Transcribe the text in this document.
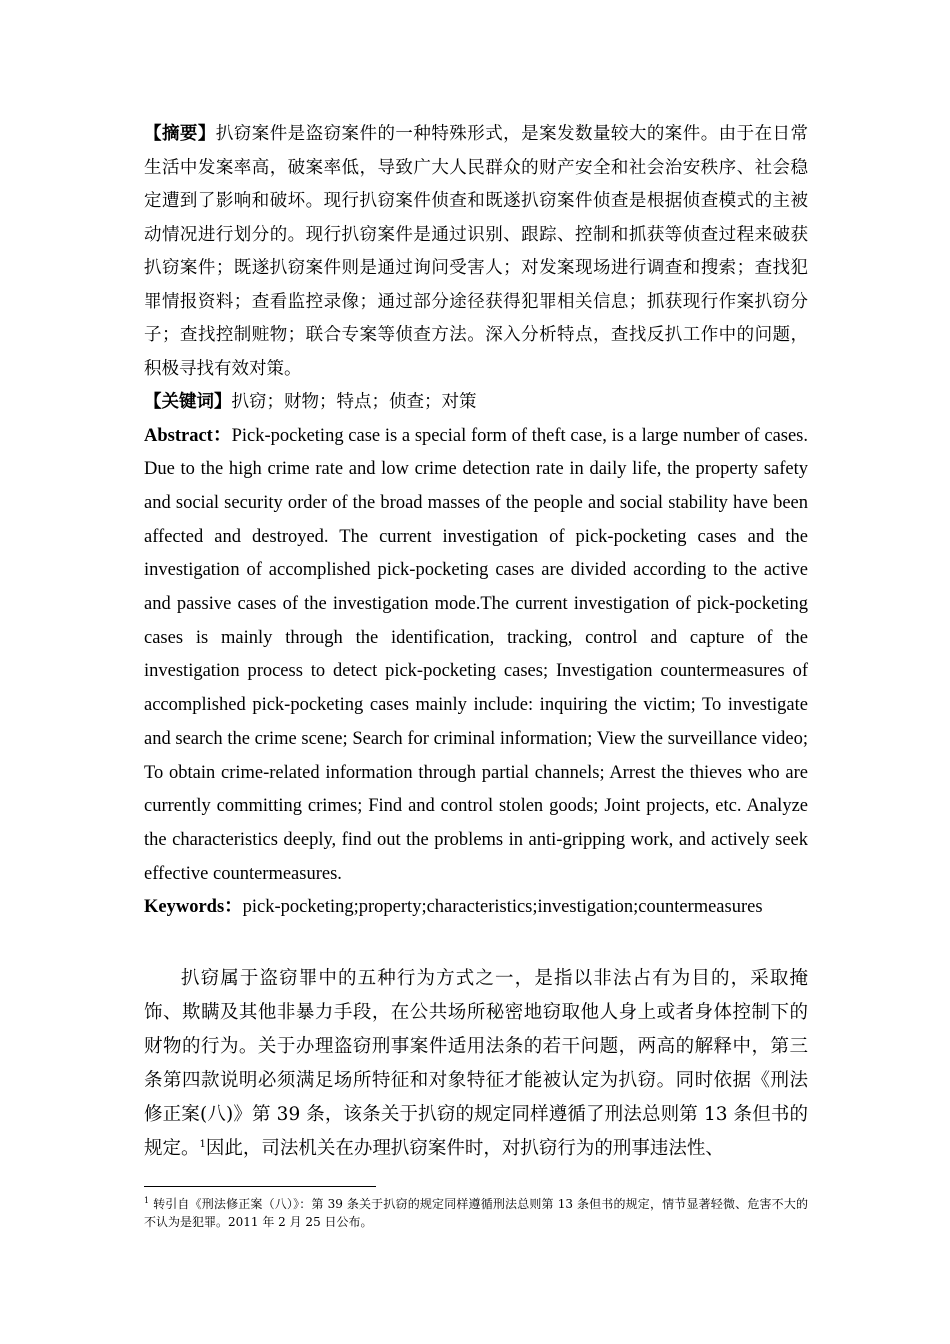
【摘要】扒窃案件是盗窃案件的一种特殊形式，是案发数量较大的案件。由于在日常生活中发案率高，破案率低，导致广大人民群众的财产安全和社会治安秩序、社会稳定遭到了影响和破坏。现行扒窃案件侦查和既遂扒窃案件侦查是根据侦查模式的主被动情况进行划分的。现行扒窃案件是通过识别、跟踪、控制和抓获等侦查过程来破获扒窃案件；既遂扒窃案件则是通过询问受害人；对发案现场进行调查和搜索；查找犯罪情报资料；查看监控录像；通过部分途径获得犯罪相关信息；抓获现行作案扒窃分子；查找控制赃物；联合专案等侦查方法。深入分析特点，查找反扒工作中的问题，积极寻找有效对策。

【关键词】扒窃；财物；特点；侦查；对策

Abstract：Pick-pocketing case is a special form of theft case, is a large number of cases. Due to the high crime rate and low crime detection rate in daily life, the property safety and social security order of the broad masses of the people and social stability have been affected and destroyed. The current investigation of pick-pocketing cases and the investigation of accomplished pick-pocketing cases are divided according to the active and passive cases of the investigation mode.The current investigation of pick-pocketing cases is mainly through the identification, tracking, control and capture of the investigation process to detect pick-pocketing cases; Investigation countermeasures of accomplished pick-pocketing cases mainly include: inquiring the victim; To investigate and search the crime scene; Search for criminal information; View the surveillance video; To obtain crime-related information through partial channels; Arrest the thieves who are currently committing crimes; Find and control stolen goods; Joint projects, etc. Analyze the characteristics deeply, find out the problems in anti-gripping work, and actively seek effective countermeasures.

Keywords：pick-pocketing;property;characteristics;investigation;countermeasures

扒窃属于盗窃罪中的五种行为方式之一，是指以非法占有为目的，采取掩饰、欺瞒及其他非暴力手段，在公共场所秘密地窃取他人身上或者身体控制下的财物的行为。关于办理盗窃刑事案件适用法条的若干问题，两高的解释中，第三条第四款说明必须满足场所特征和对象特征才能被认定为扒窃。同时依据《刑法修正案(八)》第 39 条，该条关于扒窃的规定同样遵循了刑法总则第 13 条但书的规定。$^1$因此，司法机关在办理扒窃案件时，对扒窃行为的刑事违法性、

$^1$ 转引自《刑法修正案（八）》：第 39 条关于扒窃的规定同样遵循刑法总则第 13 条但书的规定，情节显著轻微、危害不大的不认为是犯罪。2011 年 2 月 25 日公布。
